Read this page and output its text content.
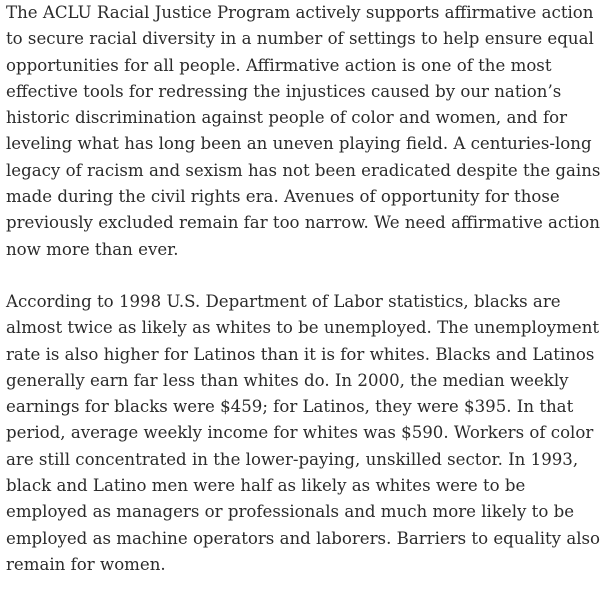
The ACLU Racial Justice Program actively supports affirmative action
to secure racial diversity in a number of settings to help ensure equal
opportunities for all people. Affirmative action is one of the most
effective tools for redressing the injustices caused by our nation’s
historic discrimination against people of color and women, and for
leveling what has long been an uneven playing field. A centuries-long
legacy of racism and sexism has not been eradicated despite the gains
made during the civil rights era. Avenues of opportunity for those
previously excluded remain far too narrow. We need affirmative action
now more than ever.

According to 1998 U.S. Department of Labor statistics, blacks are
almost twice as likely as whites to be unemployed. The unemployment
rate is also higher for Latinos than it is for whites. Blacks and Latinos
generally earn far less than whites do. In 2000, the median weekly
earnings for blacks were $459; for Latinos, they were $395. In that
period, average weekly income for whites was $590. Workers of color
are still concentrated in the lower-paying, unskilled sector. In 1993,
black and Latino men were half as likely as whites were to be
employed as managers or professionals and much more likely to be
employed as machine operators and laborers. Barriers to equality also
remain for women.
